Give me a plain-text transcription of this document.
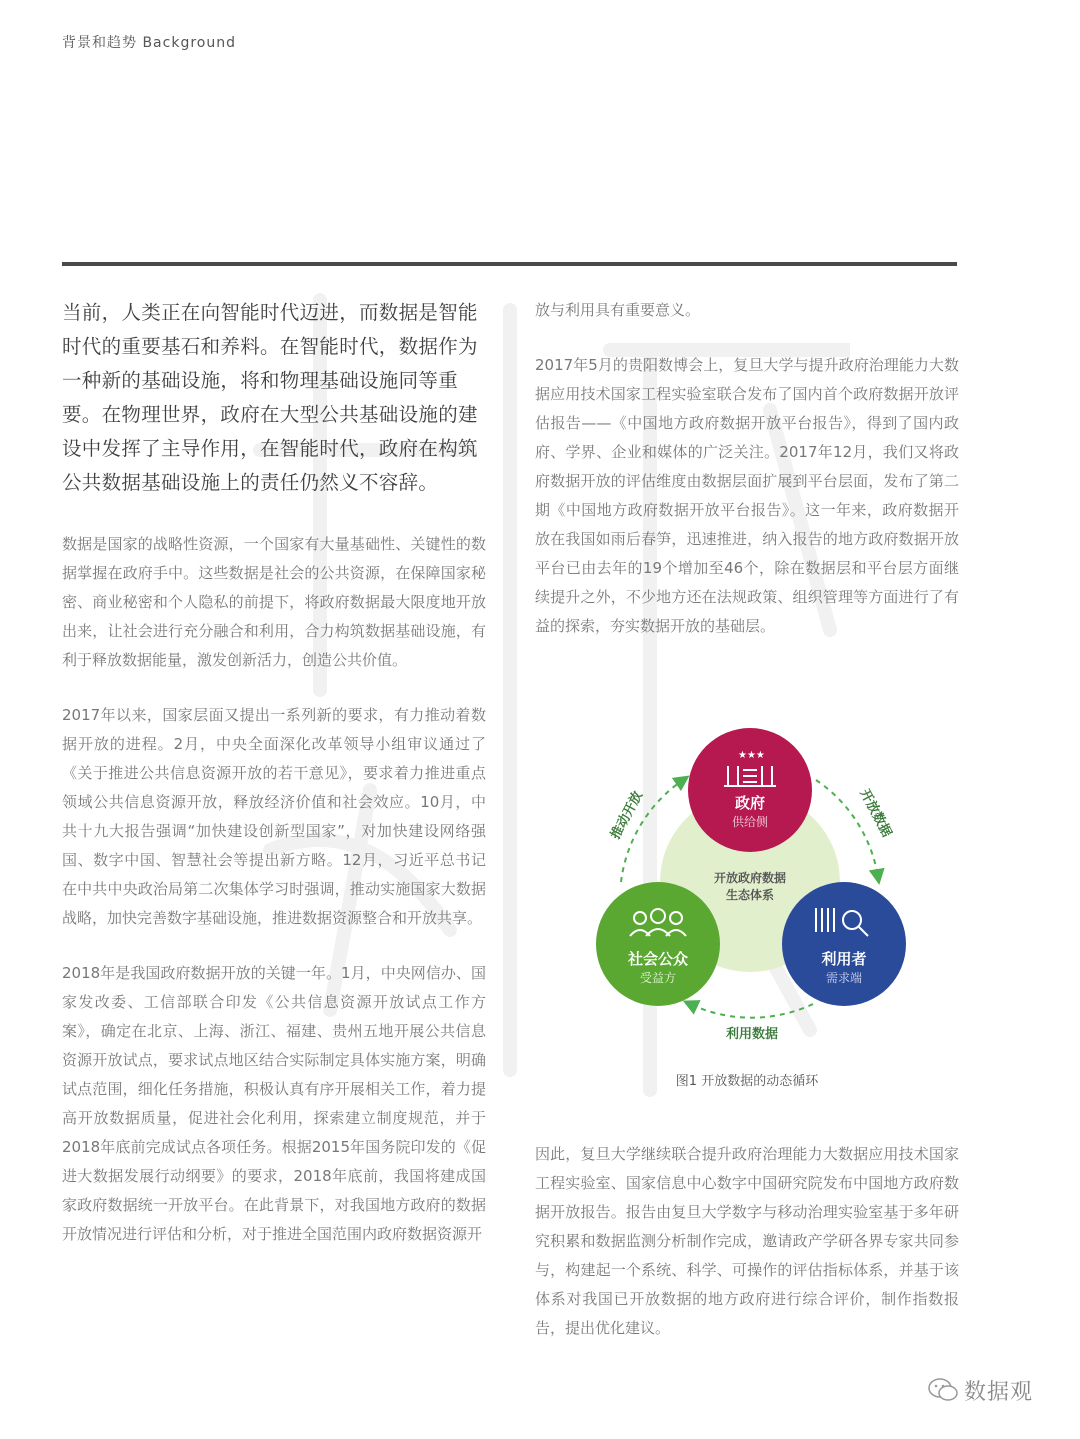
背景和趋势 Background

当前，人类正在向智能时代迈进，而数据是智能时代的重要基石和养料。在智能时代，数据作为一种新的基础设施，将和物理基础设施同等重要。在物理世界，政府在大型公共基础设施的建设中发挥了主导作用，在智能时代，政府在构筑公共数据基础设施上的责任仍然义不容辞。

数据是国家的战略性资源，一个国家有大量基础性、关键性的数据掌握在政府手中。这些数据是社会的公共资源，在保障国家秘密、商业秘密和个人隐私的前提下，将政府数据最大限度地开放出来，让社会进行充分融合和利用，合力构筑数据基础设施，有利于释放数据能量，激发创新活力，创造公共价值。

2017年以来，国家层面又提出一系列新的要求，有力推动着数据开放的进程。2月，中央全面深化改革领导小组审议通过了《关于推进公共信息资源开放的若干意见》，要求着力推进重点领域公共信息资源开放，释放经济价值和社会效应。10月，中共十九大报告强调“加快建设创新型国家”，对加快建设网络强国、数字中国、智慧社会等提出新方略。12月，习近平总书记在中共中央政治局第二次集体学习时强调，推动实施国家大数据战略，加快完善数字基础设施，推进数据资源整合和开放共享。

2018年是我国政府数据开放的关键一年。1月，中央网信办、国家发改委、工信部联合印发《公共信息资源开放试点工作方案》，确定在北京、上海、浙江、福建、贵州五地开展公共信息资源开放试点，要求试点地区结合实际制定具体实施方案，明确试点范围，细化任务措施，积极认真有序开展相关工作，着力提高开放数据质量，促进社会化利用，探索建立制度规范，并于2018年底前完成试点各项任务。根据2015年国务院印发的《促进大数据发展行动纲要》的要求，2018年底前，我国将建成国家政府数据统一开放平台。在此背景下，对我国地方政府的数据开放情况进行评估和分析，对于推进全国范围内政府数据资源开

放与利用具有重要意义。

2017年5月的贵阳数博会上，复旦大学与提升政府治理能力大数据应用技术国家工程实验室联合发布了国内首个政府数据开放评估报告——《中国地方政府数据开放平台报告》，得到了国内政府、学界、企业和媒体的广泛关注。2017年12月，我们又将政府数据开放的评估维度由数据层面扩展到平台层面，发布了第二期《中国地方政府数据开放平台报告》。这一年来，政府数据开放在我国如雨后春笋，迅速推进，纳入报告的地方政府数据开放平台已由去年的19个增加至46个，除在数据层和平台层方面继续提升之外，不少地方还在法规政策、组织管理等方面进行了有益的探索，夯实数据开放的基础层。

开放政府数据
生态体系
推动开放	开放数据
利用数据
★★★
政府
供给侧
社会公众
受益方
利用者
需求端
图1 开放数据的动态循环

因此，复旦大学继续联合提升政府治理能力大数据应用技术国家工程实验室、国家信息中心数字中国研究院发布中国地方政府数据开放报告。报告由复旦大学数字与移动治理实验室基于多年研究积累和数据监测分析制作完成，邀请政产学研各界专家共同参与，构建起一个系统、科学、可操作的评估指标体系，并基于该体系对我国已开放数据的地方政府进行综合评价，制作指数报告，提出优化建议。

数据观
